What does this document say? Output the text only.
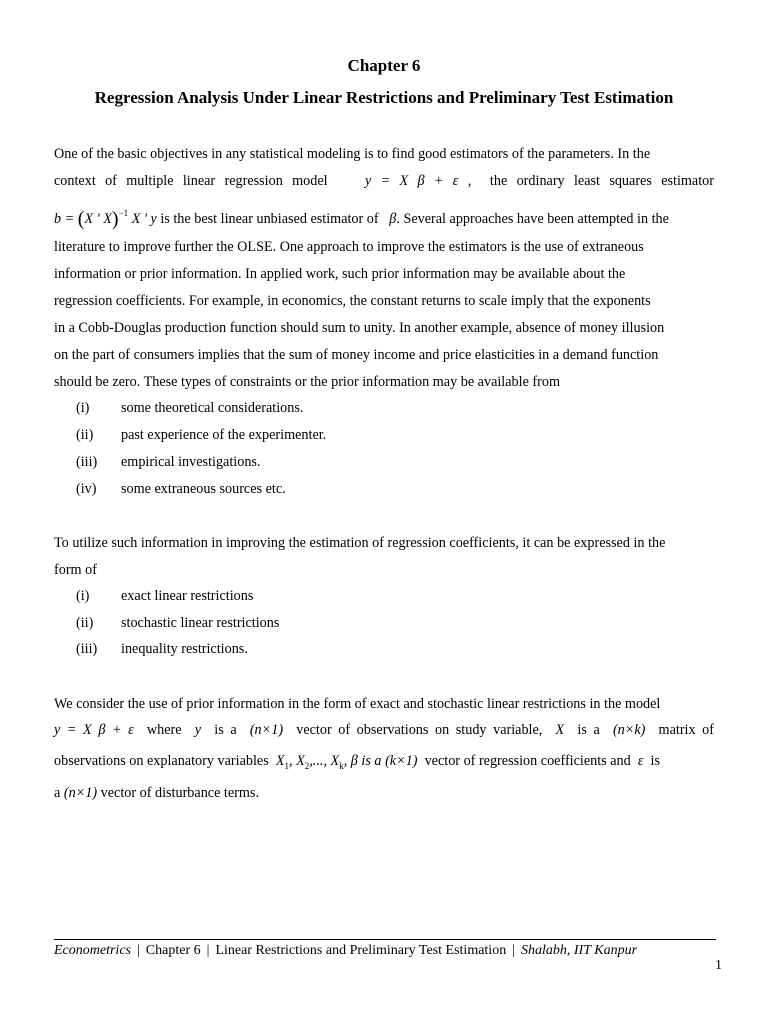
Chapter 6
Regression Analysis Under Linear Restrictions and Preliminary Test Estimation
One of the basic objectives in any statistical modeling is to find good estimators of the parameters. In the
context of multiple linear regression model	y = X β + ε , the ordinary least squares estimator
b = (X ' X)$^{-1}$ X ' y is the best linear unbiased estimator of β. Several approaches have been attempted in the
literature to improve further the OLSE. One approach to improve the estimators is the use of extraneous
information or prior information. In applied work, such prior information may be available about the
regression coefficients. For example, in economics, the constant returns to scale imply that the exponents
in a Cobb-Douglas production function should sum to unity. In another example, absence of money illusion
on the part of consumers implies that the sum of money income and price elasticities in a demand function
should be zero. These types of constraints or the prior information may be available from
(i) some theoretical considerations.
(ii) past experience of the experimenter.
(iii) empirical investigations.
(iv) some extraneous sources etc.
To utilize such information in improving the estimation of regression coefficients, it can be expressed in the
form of
(i) exact linear restrictions
(ii) stochastic linear restrictions
(iii) inequality restrictions.
We consider the use of prior information in the form of exact and stochastic linear restrictions in the model
y = X β + ε where y is a (n×1) vector of observations on study variable, X is a (n×k) matrix of
observations on explanatory variables $X_1$, $X_2$,..., $X_k$, β is a (k×1) vector of regression coefficients and ε is
a (n×1) vector of disturbance terms.
Econometrics | Chapter 6 | Linear Restrictions and Preliminary Test Estimation | Shalabh, IIT Kanpur
1
